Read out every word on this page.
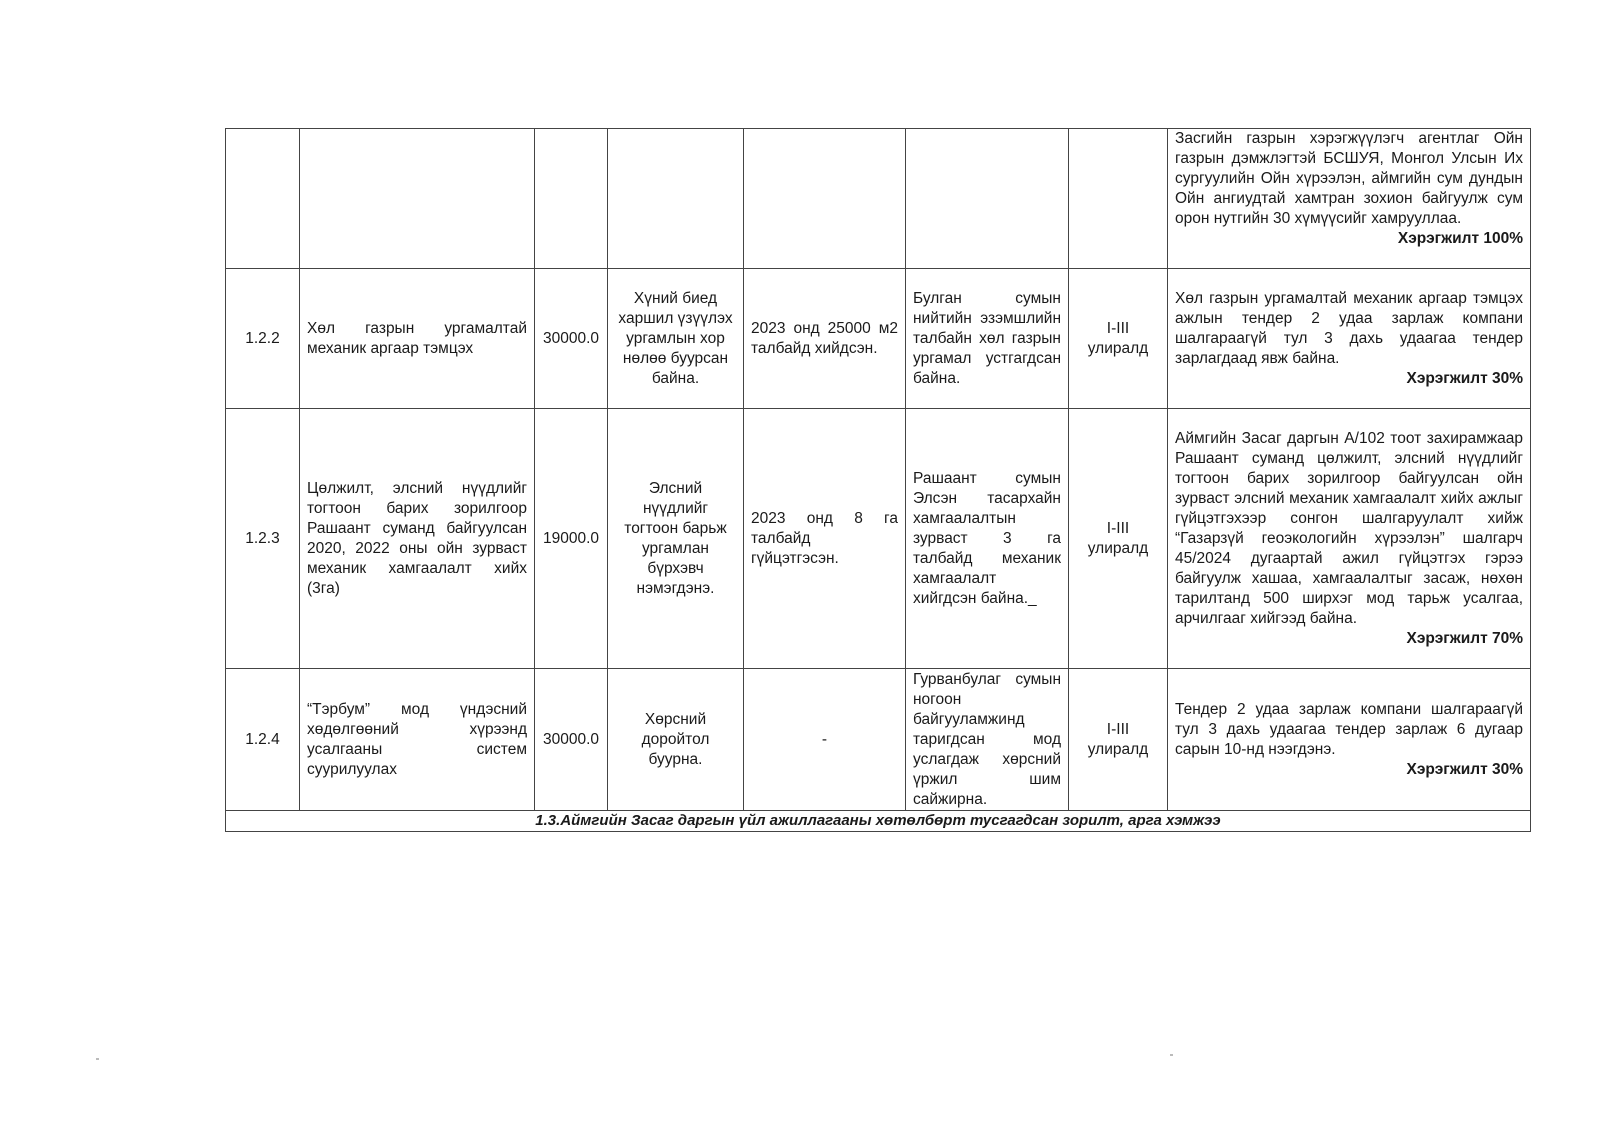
							Засгийн газрын хэрэгжүүлэгч агентлаг Ойн газрын дэмжлэгтэй БСШУЯ, Монгол Улсын Их сургуулийн Ойн хүрээлэн, аймгийн сум дундын Ойн ангиудтай хамтран зохион байгуулж сум орон нутгийн 30 хүмүүсийг хамрууллаа.
Хэрэгжилт 100%

1.2.2	Хөл газрын ургамалтай механик аргаар тэмцэх	30000.0	Хүний биед харшил үзүүлэх ургамлын хор нөлөө буурсан байна.	2023 онд 25000 м2 талбайд хийдсэн.	Булган сумын нийтийн эзэмшлийн талбайн хөл газрын ургамал устгагдсан байна.	I-III улиралд	Хөл газрын ургамалтай механик аргаар тэмцэх ажлын тендер 2 удаа зарлаж компани шалгараагүй тул 3 дахь удаагаа тендер зарлагдаад явж байна.
Хэрэгжилт 30%

1.2.3	Цөлжилт, элсний нүүдлийг тогтоон барих зорилгоор Рашаант суманд байгуулсан 2020, 2022 оны ойн зурваст механик хамгаалалт хийх (3га)	19000.0	Элсний нүүдлийг тогтоон барьж ургамлан бүрхэвч нэмэгдэнэ.	2023 онд 8 га талбайд гүйцэтгэсэн.	Рашаант сумын Элсэн тасархайн хамгаалалтын зурваст 3 га талбайд механик хамгаалалт хийгдсэн байна._	I-III улиралд	Аймгийн Засаг даргын А/102 тоот захирамжаар Рашаант суманд цөлжилт, элсний нүүдлийг тогтоон барих зорилгоор байгуулсан ойн зурваст элсний механик хамгаалалт хийх ажлыг гүйцэтгэхээр сонгон шалгаруулалт хийж “Газарзүй геоэкологийн хүрээлэн” шалгарч 45/2024 дугаартай ажил гүйцэтгэх гэрээ байгуулж хашаа, хамгаалалтыг засаж, нөхөн тарилтанд 500 ширхэг мод тарьж усалгаа, арчилгааг хийгээд байна.
Хэрэгжилт 70%

1.2.4	“Тэрбум” мод үндэсний хөдөлгөөний хүрээнд усалгааны систем суурилуулах	30000.0	Хөрсний доройтол буурна.	-	Гурванбулаг сумын ногоон байгууламжинд таригдсан мод услагдаж хөрсний үржил шим сайжирна.	I-III улиралд	Тендер 2 удаа зарлаж компани шалгараагүй тул 3 дахь удаагаа тендер зарлаж 6 дугаар сарын 10-нд нээгдэнэ.
Хэрэгжилт 30%

1.3.Аймгийн Засаг даргын үйл ажиллагааны хөтөлбөрт тусгагдсан зорилт, арга хэмжээ							
